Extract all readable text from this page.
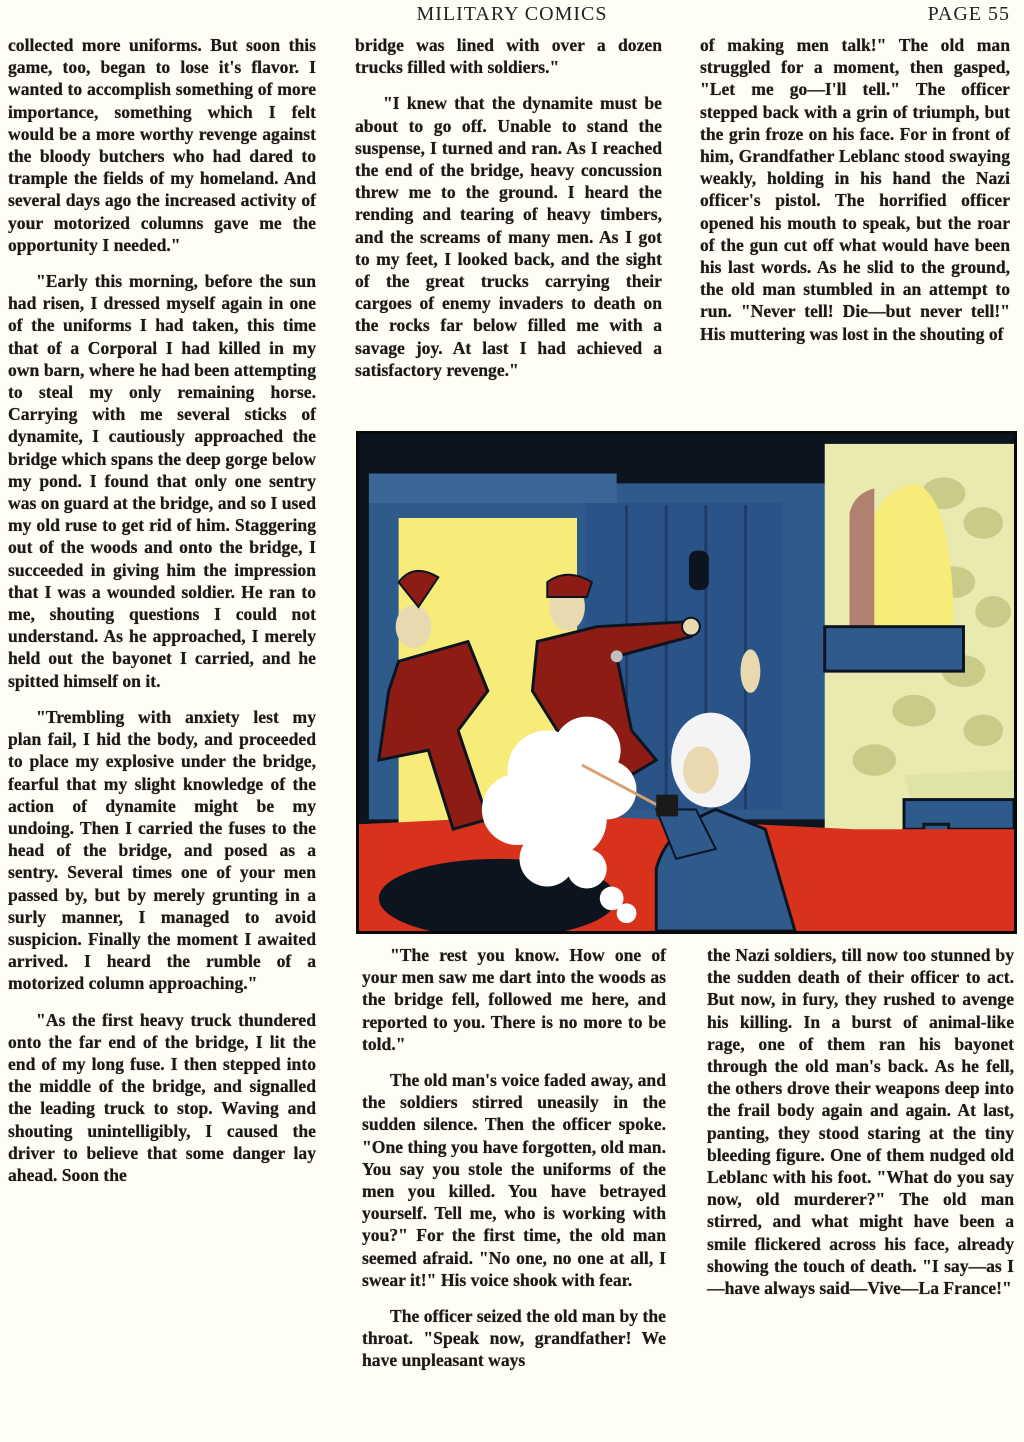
MILITARY COMICS	PAGE 55

collected more uniforms. But soon this game, too, began to lose it's flavor. I wanted to accomplish something of more importance, something which I felt would be a more worthy revenge against the bloody butchers who had dared to trample the fields of my homeland. And several days ago the increased activity of your motorized columns gave me the opportunity I needed."

"Early this morning, before the sun had risen, I dressed myself again in one of the uniforms I had taken, this time that of a Corporal I had killed in my own barn, where he had been attempting to steal my only remaining horse. Carrying with me several sticks of dynamite, I cautiously approached the bridge which spans the deep gorge below my pond. I found that only one sentry was on guard at the bridge, and so I used my old ruse to get rid of him. Staggering out of the woods and onto the bridge, I succeeded in giving him the impression that I was a wounded soldier. He ran to me, shouting questions I could not understand. As he approached, I merely held out the bayonet I carried, and he spitted himself on it.

"Trembling with anxiety lest my plan fail, I hid the body, and proceeded to place my explosive under the bridge, fearful that my slight knowledge of the action of dynamite might be my undoing. Then I carried the fuses to the head of the bridge, and posed as a sentry. Several times one of your men passed by, but by merely grunting in a surly manner, I managed to avoid suspicion. Finally the moment I awaited arrived. I heard the rumble of a motorized column approaching."

"As the first heavy truck thundered onto the far end of the bridge, I lit the end of my long fuse. I then stepped into the middle of the bridge, and signalled the leading truck to stop. Waving and shouting unintelligibly, I caused the driver to believe that some danger lay ahead. Soon the

bridge was lined with over a dozen trucks filled with soldiers."

"I knew that the dynamite must be about to go off. Unable to stand the suspense, I turned and ran. As I reached the end of the bridge, heavy concussion threw me to the ground. I heard the rending and tearing of heavy timbers, and the screams of many men. As I got to my feet, I looked back, and the sight of the great trucks carrying their cargoes of enemy invaders to death on the rocks far below filled me with a savage joy. At last I had achieved a satisfactory revenge."

of making men talk!" The old man struggled for a moment, then gasped, "Let me go—I'll tell." The officer stepped back with a grin of triumph, but the grin froze on his face. For in front of him, Grandfather Leblanc stood swaying weakly, holding in his hand the Nazi officer's pistol. The horrified officer opened his mouth to speak, but the roar of the gun cut off what would have been his last words. As he slid to the ground, the old man stumbled in an attempt to run. "Never tell! Die—but never tell!" His muttering was lost in the shouting of

"The rest you know. How one of your men saw me dart into the woods as the bridge fell, followed me here, and reported to you. There is no more to be told."

The old man's voice faded away, and the soldiers stirred uneasily in the sudden silence. Then the officer spoke. "One thing you have forgotten, old man. You say you stole the uniforms of the men you killed. You have betrayed yourself. Tell me, who is working with you?" For the first time, the old man seemed afraid. "No one, no one at all, I swear it!" His voice shook with fear.

The officer seized the old man by the throat. "Speak now, grandfather! We have unpleasant ways

the Nazi soldiers, till now too stunned by the sudden death of their officer to act. But now, in fury, they rushed to avenge his killing. In a burst of animal-like rage, one of them ran his bayonet through the old man's back. As he fell, the others drove their weapons deep into the frail body again and again. At last, panting, they stood staring at the tiny bleeding figure. One of them nudged old Leblanc with his foot. "What do you say now, old murderer?" The old man stirred, and what might have been a smile flickered across his face, already showing the touch of death. "I say—as I—have always said—Vive—La France!"
